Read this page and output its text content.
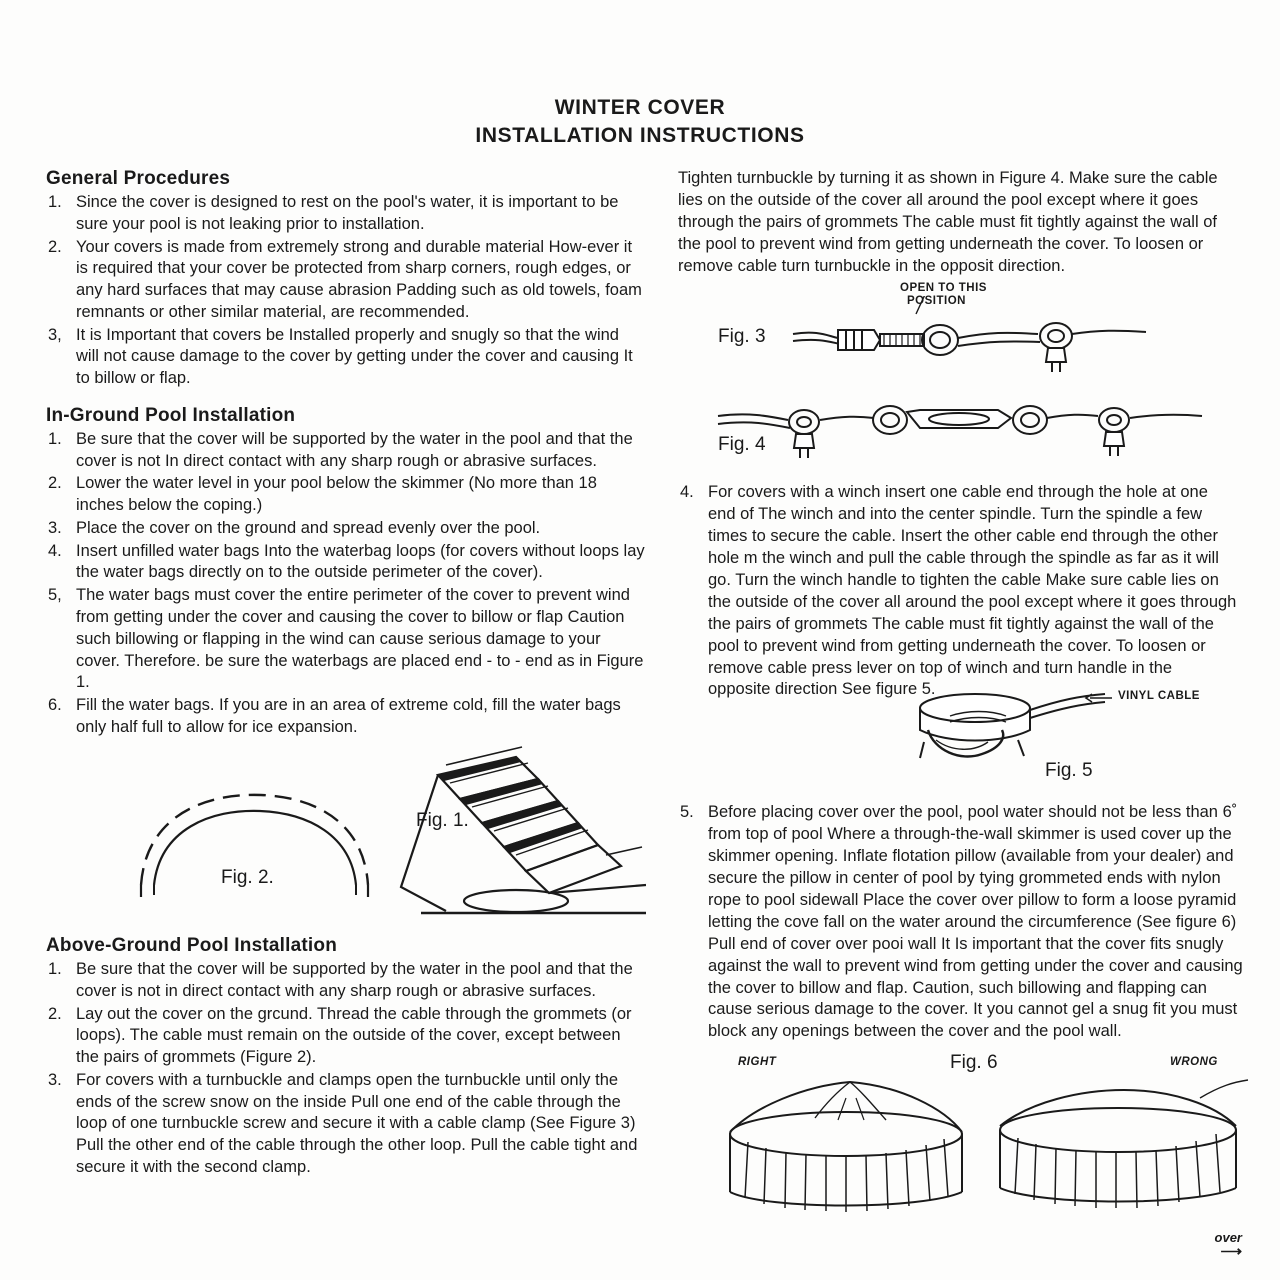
WINTER COVER
INSTALLATION INSTRUCTIONS
General Procedures
1. Since the cover is designed to rest on the pool's water, it is important to be sure your pool is not leaking prior to installation.
2. Your covers is made from extremely strong and durable material How-ever it is required that your cover be protected from sharp corners, rough edges, or any hard surfaces that may cause abrasion Padding such as old towels, foam remnants or other similar material, are recommended.
3, It is Important that covers be Installed properly and snugly so that the wind will not cause damage to the cover by getting under the cover and causing It to billow or flap.
In-Ground Pool Installation
1. Be sure that the cover will be supported by the water in the pool and that the cover is not In direct contact with any sharp rough or abrasive surfaces.
2. Lower the water level in your pool below the skimmer (No more than 18 inches below the coping.)
3. Place the cover on the ground and spread evenly over the pool.
4. Insert unfilled water bags Into the waterbag loops (for covers without loops lay the water bags directly on to the outside perimeter of the cover).
5, The water bags must cover the entire perimeter of the cover to prevent wind from getting under the cover and causing the cover to billow or flap Caution such billowing or flapping in the wind can cause serious damage to your cover. Therefore. be sure the waterbags are placed end - to - end as in Figure 1.
6. Fill the water bags. If you are in an area of extreme cold, fill the water bags only half full to allow for ice expansion.
Fig. 2.
Fig. 1.
Above-Ground Pool Installation
1. Be sure that the cover will be supported by the water in the pool and that the cover is not in direct contact with any sharp rough or abrasive surfaces.
2. Lay out the cover on the grcund. Thread the cable through the grommets (or loops). The cable must remain on the outside of the cover, except between the pairs of grommets (Figure 2).
3. For covers with a turnbuckle and clamps open the turnbuckle until only the ends of the screw snow on the inside Pull one end of the cable through the loop of one turnbuckle screw and secure it with a cable clamp (See Figure 3) Pull the other end of the cable through the other loop. Pull the cable tight and secure it with the second clamp.

Tighten turnbuckle by turning it as shown in Figure 4. Make sure the cable lies on the outside of the cover all around the pool except where it goes through the pairs of grommets The cable must fit tightly against the wall of the pool to prevent wind from getting underneath the cover. To loosen or remove cable turn turnbuckle in the opposit direction.

OPEN TO THIS
POSITION
Fig. 3
Fig. 4

4. For covers with a winch insert one cable end through the hole at one end of The winch and into the center spindle. Turn the spindle a few times to secure the cable. Insert the other cable end through the other hole m the winch and pull the cable through the spindle as far as it will go. Turn the winch handle to tighten the cable Make sure cable lies on the outside of the cover all around the pool except where it goes through the pairs of grommets The cable must fit tightly against the wall of the pool to prevent wind from getting underneath the cover. To loosen or remove cable press lever on top of winch and turn handle in the opposite direction See figure 5.	VINYL CABLE
Fig. 5

5. Before placing cover over the pool, pool water should not be less than 6˚ from top of pool Where a through-the-wall skimmer is used cover up the skimmer opening. Inflate flotation pillow (available from your dealer) and secure the pillow in center of pool by tying grommeted ends with nylon rope to pool sidewall Place the cover over pillow to form a loose pyramid letting the cove fall on the water around the circumference (See figure 6) Pull end of cover over pooi wall It Is important that the cover fits snugly against the wall to prevent wind from getting under the cover and causing the cover to billow and flap. Caution, such billowing and flapping can cause serious damage to the cover. It you cannot gel a snug fit you must block any openings between the cover and the pool wall.

RIGHT	WRONG
Fig. 6
over
⟶
